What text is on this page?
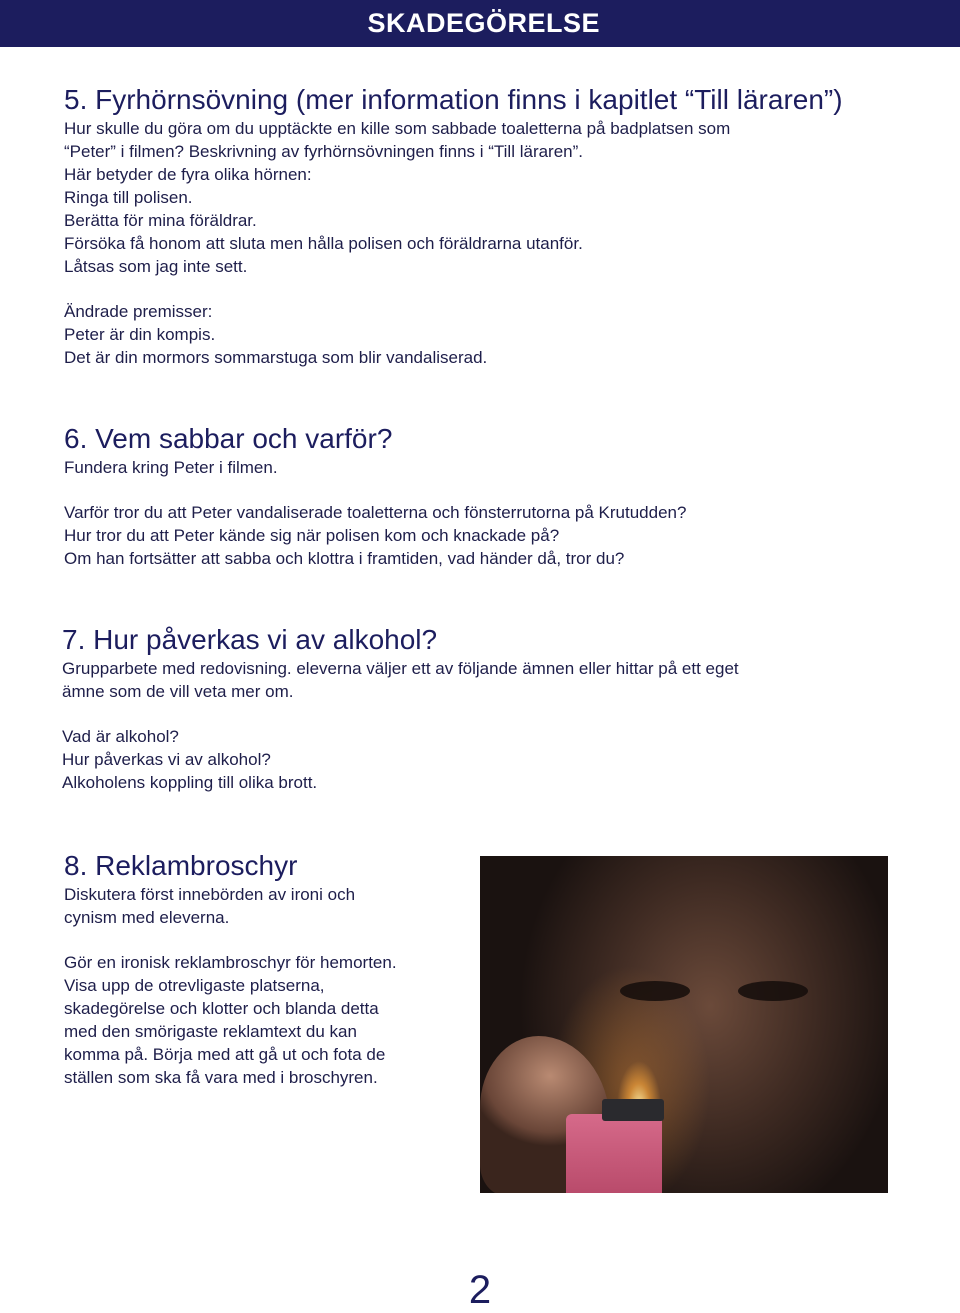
SKADEGÖRELSE
5. Fyrhörnsövning (mer information finns i kapitlet “Till läraren”)
Hur skulle du göra om du upptäckte en kille som sabbade toaletterna på badplatsen som
“Peter” i filmen? Beskrivning av fyrhörnsövningen finns i “Till läraren”.
Här betyder de fyra olika hörnen:
Ringa till polisen.
Berätta för mina föräldrar.
Försöka få honom att sluta men hålla polisen och föräldrarna utanför.
Låtsas som jag inte sett.
Ändrade premisser:
Peter är din kompis.
Det är din mormors sommarstuga som blir vandaliserad.
6. Vem sabbar och varför?
Fundera kring Peter i filmen.
Varför tror du att Peter vandaliserade toaletterna och fönsterrutorna på Krutudden?
Hur tror du att Peter kände sig när polisen kom och knackade på?
Om han fortsätter att sabba och klottra i framtiden, vad händer då, tror du?
7. Hur påverkas vi av alkohol?
Grupparbete med redovisning. eleverna väljer ett av följande ämnen eller hittar på ett eget
ämne som de vill veta mer om.
Vad är alkohol?
Hur påverkas vi av alkohol?
Alkoholens koppling till olika brott.
8. Reklambroschyr
Diskutera först innebörden av ironi och
cynism med eleverna.
Gör en ironisk reklambroschyr för hemorten.
Visa upp de otrevligaste platserna,
skadegörelse och klotter och blanda detta
med den smörigaste reklamtext du kan
komma på. Börja med att gå ut och fota de
ställen som ska få vara med i broschyren.
2
